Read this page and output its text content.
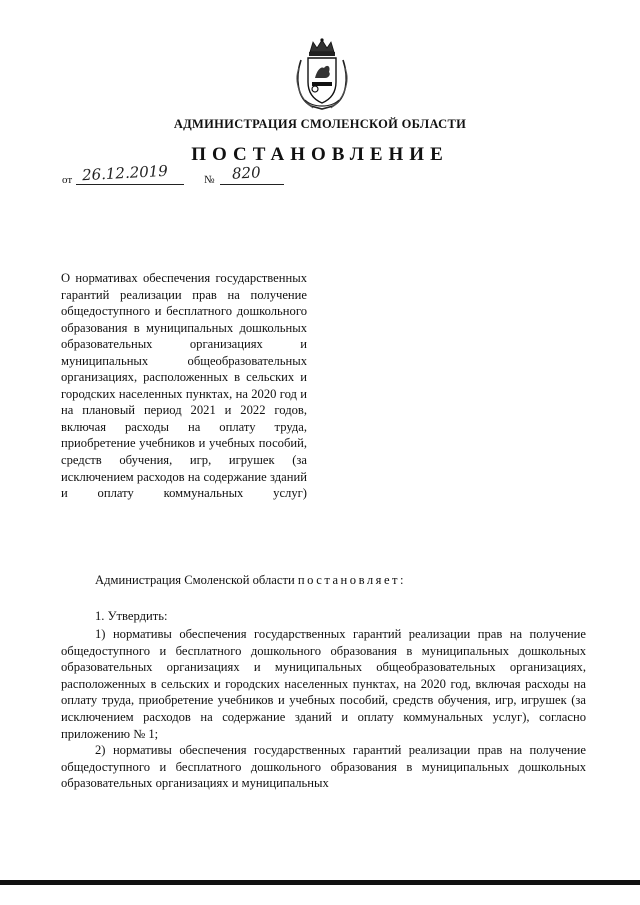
АДМИНИСТРАЦИЯ СМОЛЕНСКОЙ ОБЛАСТИ
ПОСТАНОВЛЕНИЕ
от 26.12.2019	№ 820
О нормативах обеспечения государственных гарантий реализации прав на получение общедоступного и бесплатного дошкольного образования в муниципальных дошкольных образовательных организациях и муниципальных общеобразовательных организациях, расположенных в сельских и городских населенных пунктах, на 2020 год и на плановый период 2021 и 2022 годов, включая расходы на оплату труда, приобретение учебников и учебных пособий, средств обучения, игр, игрушек (за исключением расходов на содержание зданий и оплату коммунальных услуг)
Администрация Смоленской области постановляет:
1. Утвердить:

1) нормативы обеспечения государственных гарантий реализации прав на получение общедоступного и бесплатного дошкольного образования в муниципальных дошкольных образовательных организациях и муниципальных общеобразовательных организациях, расположенных в сельских и городских населенных пунктах, на 2020 год, включая расходы на оплату труда, приобретение учебников и учебных пособий, средств обучения, игр, игрушек (за исключением расходов на содержание зданий и оплату коммунальных услуг), согласно приложению № 1;

2) нормативы обеспечения государственных гарантий реализации прав на получение общедоступного и бесплатного дошкольного образования в муниципальных дошкольных образовательных организациях и муниципальных
